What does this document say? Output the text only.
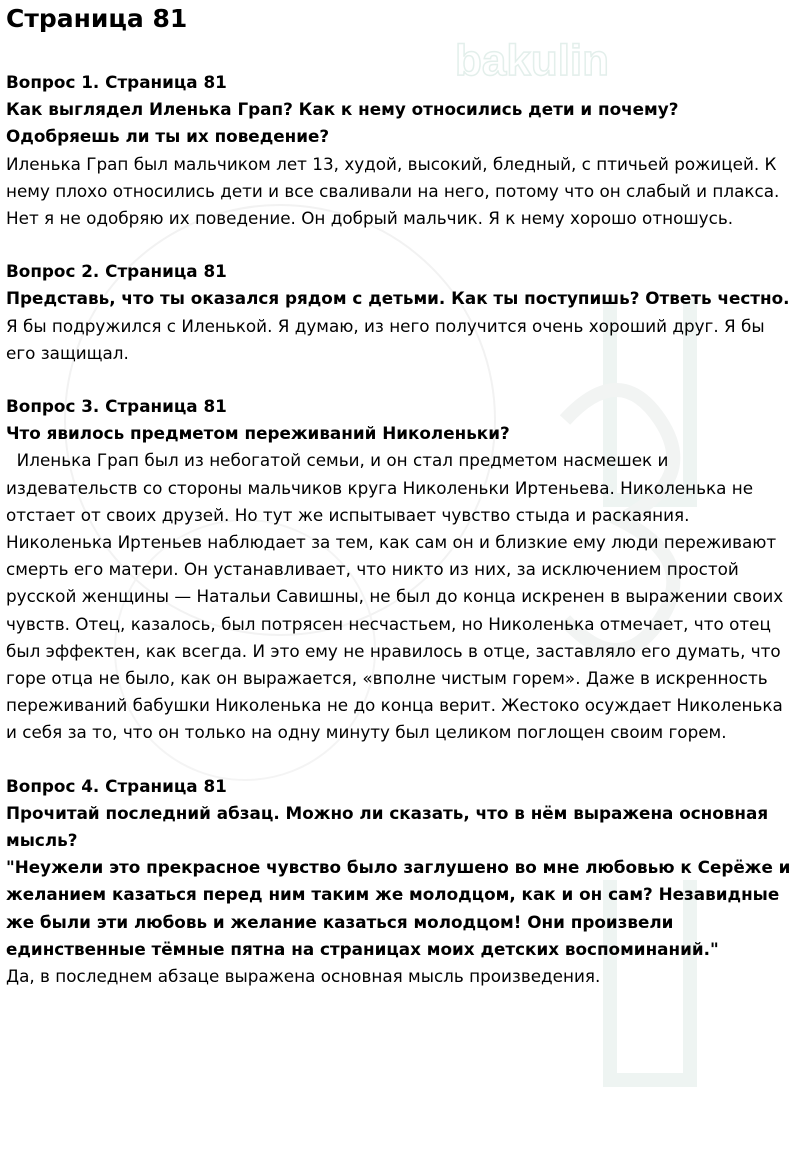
bakulin
Страница 81
Вопрос 1. Страница 81
Как выглядел Иленька Грап? Как к нему относились дети и почему?
Одобряешь ли ты их поведение?
Иленька Грап был мальчиком лет 13, худой, высокий, бледный, с птичьей рожицей. К нему плохо относились дети и все сваливали на него, потому что он слабый и плакса. Нет я не одобряю их поведение. Он добрый мальчик. Я к нему хорошо отношусь.
Вопрос 2. Страница 81
Представь, что ты оказался рядом с детьми. Как ты поступишь? Ответь честно.
Я бы подружился с Иленькой. Я думаю, из него получится очень хороший друг. Я бы его защищал.
Вопрос 3. Страница 81
Что явилось предметом переживаний Николеньки?
Иленька Грап был из небогатой семьи, и он стал предметом насмешек и издевательств со стороны мальчиков круга Николеньки Иртеньева. Николенька не отстает от своих друзей. Но тут же испытывает чувство стыда и раскаяния. Николенька Иртеньев наблюдает за тем, как сам он и близкие ему люди переживают смерть его матери. Он устанавливает, что никто из них, за исключением простой русской женщины — Натальи Савишны, не был до конца искренен в выражении своих чувств. Отец, казалось, был потрясен несчастьем, но Николенька отмечает, что отец был эффектен, как всегда. И это ему не нравилось в отце, заставляло его думать, что горе отца не было, как он выражается, «вполне чистым горем». Даже в искренность переживаний бабушки Николенька не до конца верит. Жестоко осуждает Николенька и себя за то, что он только на одну минуту был целиком поглощен своим горем.
Вопрос 4. Страница 81
Прочитай последний абзац. Можно ли сказать, что в нём выражена основная мысль?
"Неужели это прекрасное чувство было заглушено во мне любовью к Серёже и желанием казаться перед ним таким же молодцом, как и он сам? Незавидные же были эти любовь и желание казаться молодцом! Они произвели единственные тёмные пятна на страницах моих детских воспоминаний."
Да, в последнем абзаце выражена основная мысль произведения.
